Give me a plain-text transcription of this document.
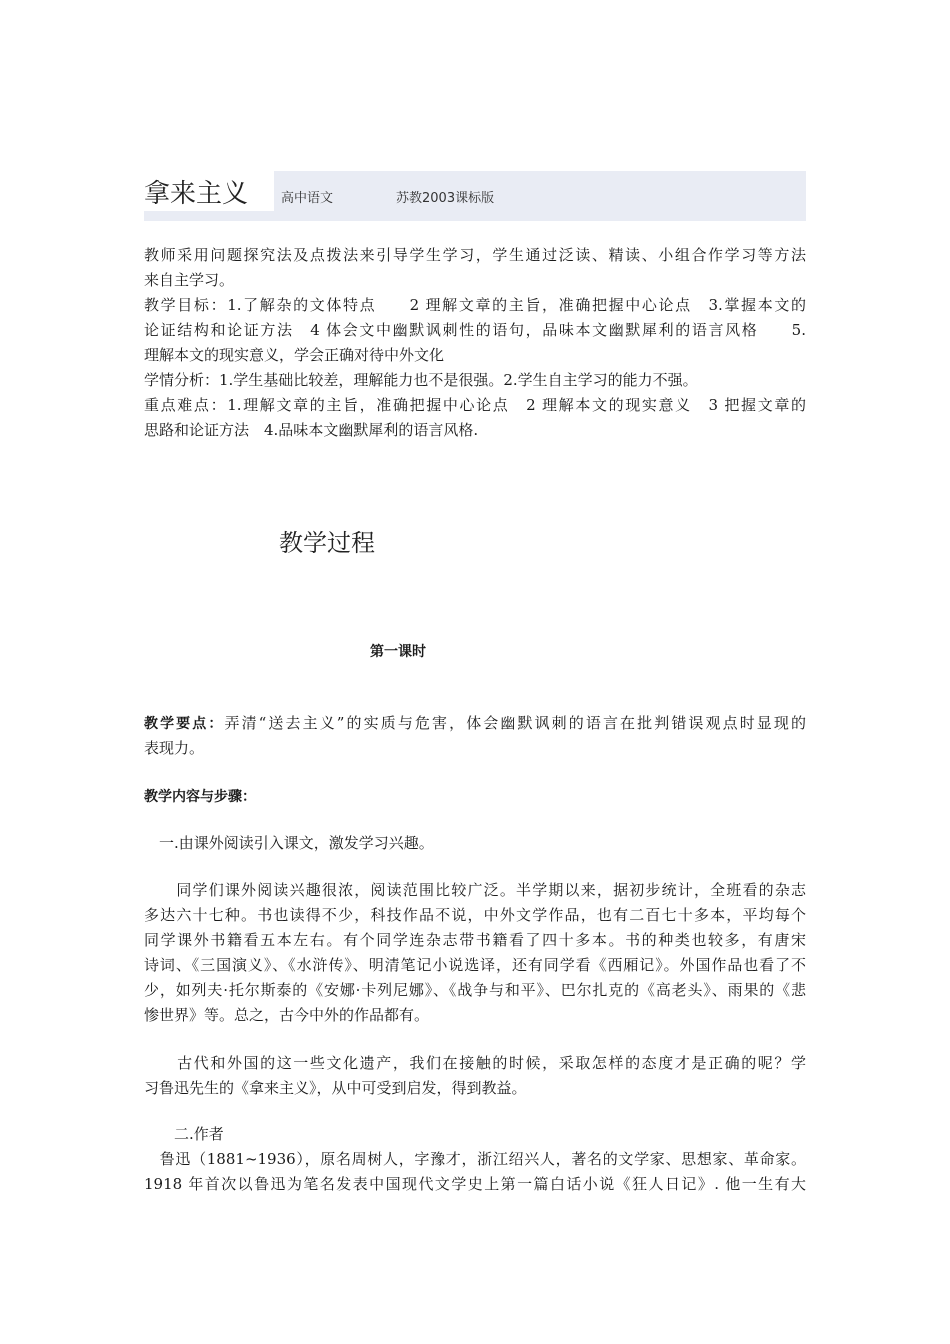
拿来主义	高中语文	苏教2003课标版
教师采用问题探究法及点拨法来引导学生学习，学生通过泛读、精读、小组合作学习等方法
来自主学习。
教学目标：1.了解杂的文体特点　　2 理解文章的主旨，准确把握中心论点　3.掌握本文的
论证结构和论证方法　4 体会文中幽默讽刺性的语句，品味本文幽默犀利的语言风格　　5.
理解本文的现实意义，学会正确对待中外文化
学情分析：1.学生基础比较差，理解能力也不是很强。2.学生自主学习的能力不强。
重点难点：1.理解文章的主旨，准确把握中心论点　2 理解本文的现实意义　3 把握文章的
思路和论证方法　4.品味本文幽默犀利的语言风格.
教学过程
第一课时
教学要点：弄清“送去主义”的实质与危害，体会幽默讽刺的语言在批判错误观点时显现的
表现力。
教学内容与步骤：
　一.由课外阅读引入课文，激发学习兴趣。
　　同学们课外阅读兴趣很浓，阅读范围比较广泛。半学期以来，据初步统计，全班看的杂志
多达六十七种。书也读得不少，科技作品不说，中外文学作品，也有二百七十多本，平均每个
同学课外书籍看五本左右。有个同学连杂志带书籍看了四十多本。书的种类也较多，有唐宋
诗词、《三国演义》、《水浒传》、明清笔记小说选译，还有同学看《西厢记》。外国作品也看了不
少，如列夫·托尔斯泰的《安娜·卡列尼娜》、《战争与和平》、巴尔扎克的《高老头》、雨果的《悲
惨世界》等。总之，古今中外的作品都有。
　　古代和外国的这一些文化遗产，我们在接触的时候，采取怎样的态度才是正确的呢？学
习鲁迅先生的《拿来主义》，从中可受到启发，得到教益。
　　二.作者
　鲁迅（1881~1936），原名周树人，字豫才，浙江绍兴人，著名的文学家、思想家、革命家。
1918 年首次以鲁迅为笔名发表中国现代文学史上第一篇白话小说《狂人日记》. 他一生有大
